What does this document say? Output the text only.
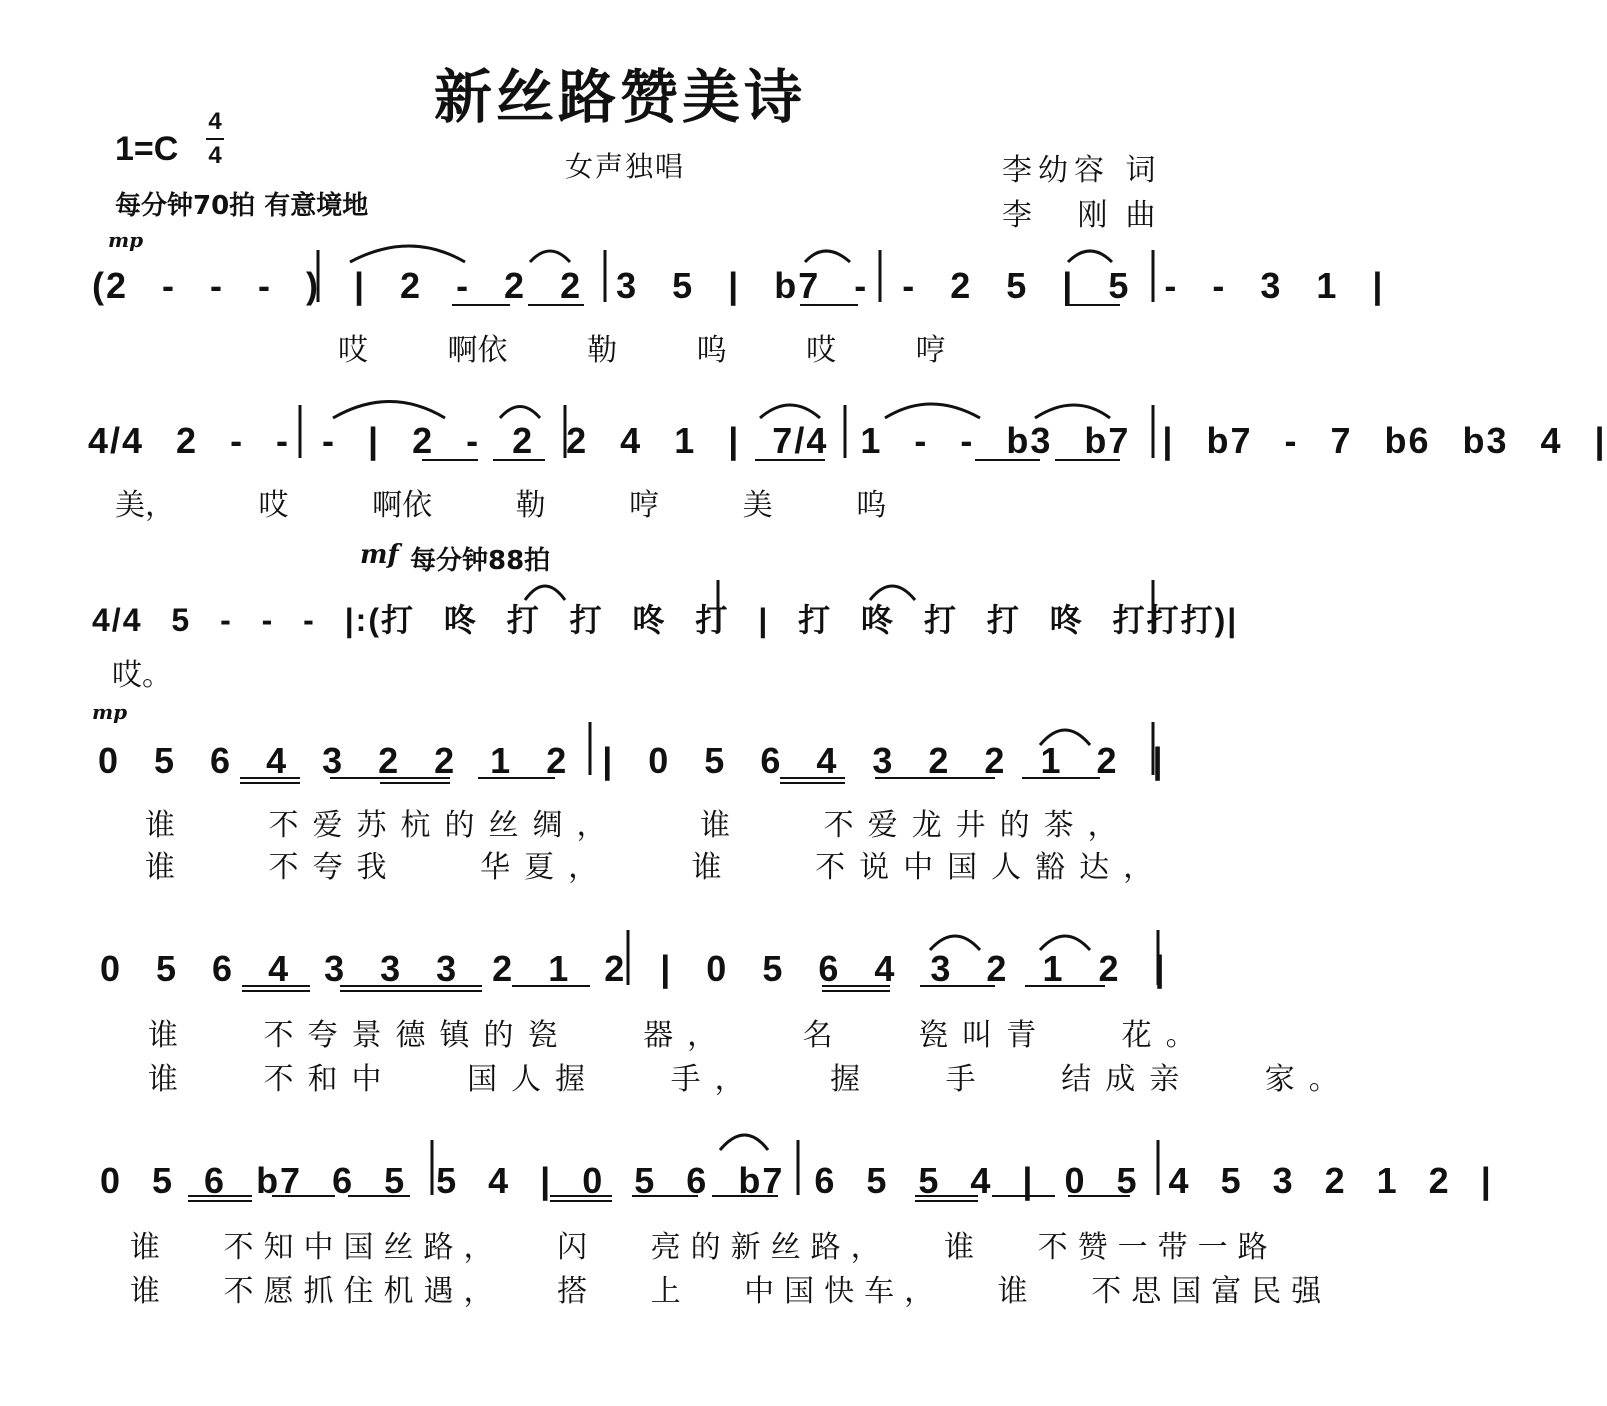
新丝路赞美诗
1=C
4
4	女声独唱	李幼容 词
李 刚曲
每分钟70拍 有意境地
mp
mf 每分钟88拍
mp
(2 - - - ) | 2 - 2 2 3 5 | b7 - - 2 5 | 5 - - 3 1 |
哎 啊依 勒 呜 哎 哼
4/4 2 - - - | 2 - 2 2 4 1 | 7/4 1 - - b3 b7 | b7 - 7 b6 b3 4 |
美， 哎 啊依 勒 哼 美 呜
4/4 5 - - - |:(打 咚 打 打 咚 打 | 打 咚 打 打 咚 打打打)|
哎。
0 5 6 4 3 2 2 1 2 | 0 5 6 4 3 2 2 1 2 |
谁 不爱苏杭的丝绸， 谁 不爱龙井的茶，
谁 不夸我 华夏， 谁 不说中国人豁达，
0 5 6 4 3 3 3 2 1 2 | 0 5 6 4 3 2 1 2 |
谁 不夸景德镇的瓷 器， 名 瓷叫青 花。
谁 不和中 国人握 手， 握 手 结成亲 家。
0 5 6 b7 6 5 5 4 | 0 5 6 b7 6 5 5 4 | 0 5 4 5 3 2 1 2 |
谁 不知中国丝路， 闪 亮的新丝路， 谁 不赞一带一路
谁 不愿抓住机遇， 搭 上 中国快车， 谁 不思国富民强
